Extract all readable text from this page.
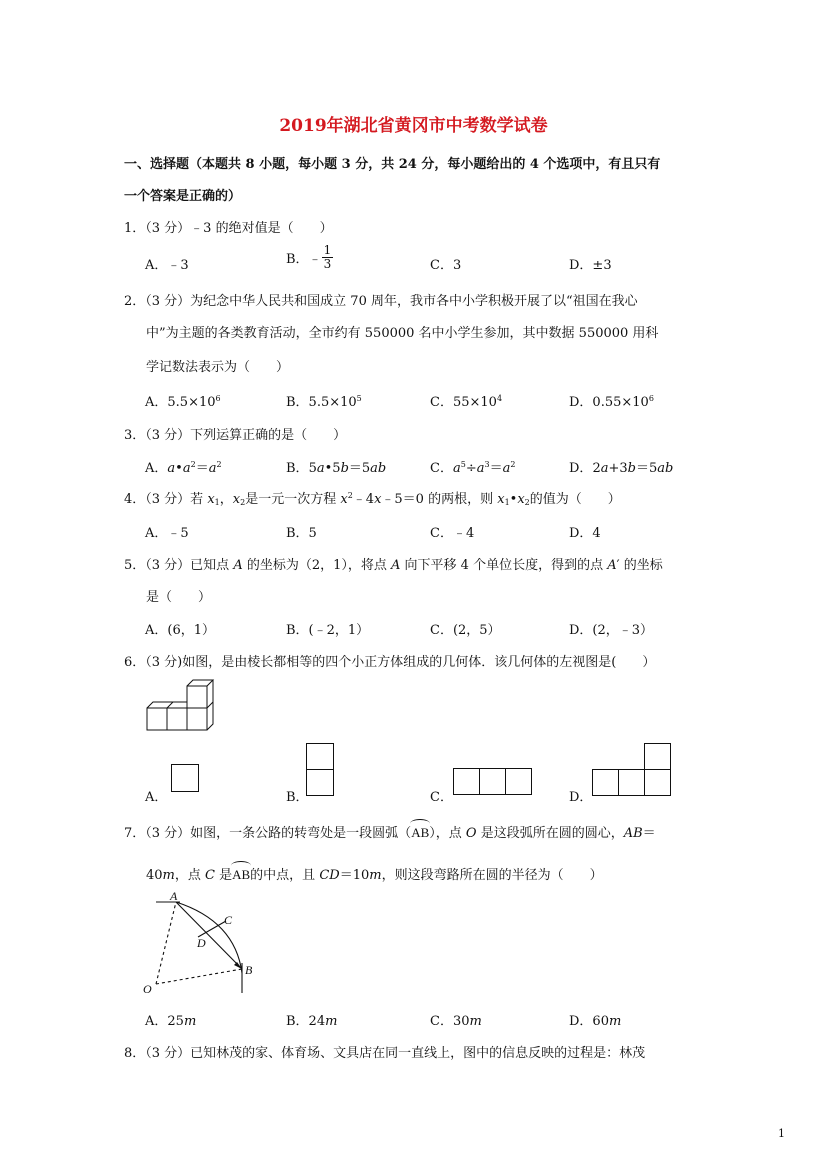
2019年湖北省黄冈市中考数学试卷
一、选择题（本题共 8 小题，每小题 3 分，共 24 分，每小题给出的 4 个选项中，有且只有
一个答案是正确的）
1．（3 分）﹣3 的绝对值是（　　）
A．﹣3	B．﹣ $\frac{1}{3}$	C．3	D．±3
2．（3 分）为纪念中华人民共和国成立 70 周年，我市各中小学积极开展了以“祖国在我心
中”为主题的各类教育活动，全市约有 550000 名中小学生参加，其中数据 550000 用科
学记数法表示为（　　）
A．$5.5\times 10^6$	B．$5.5\times 10^5$	C．$55\times 10^4$	D．$0.55\times 10^6$
3．（3 分）下列运算正确的是（　　）
A．$a•a^2=a^2$	B．5a•5b＝5ab	C．$a^5\div a^3=a^2$	D．2a+3b＝5ab
4．（3 分）若 $x_1$，$x_2$是一元一次方程 $x^2﹣4x﹣5=0$ 的两根，则 $x_1•x_2$的值为（　　）
A．﹣5	B．5	C．﹣4	D．4
5．（3 分）已知点 A 的坐标为（2，1），将点 A 向下平移 4 个单位长度，得到的点 A′ 的坐标
是（　　）
A．(6，1）	B．(﹣2，1）	C．(2，5）	D．(2，﹣3）
6．（3 分)如图，是由棱长都相等的四个小正方体组成的几何体．该几何体的左视图是(　　）
A．	B．	C．	D．
7．（3 分）如图，一条公路的转弯处是一段圆弧（AB），点 O 是这段弧所在圆的圆心，AB＝
40m，点 C 是AB的中点，且 CD＝10m，则这段弯路所在圆的半径为（　　）
A
C
D
B
O
A．25m	B．24m	C．30m	D．60m
8．（3 分）已知林茂的家、体育场、文具店在同一直线上，图中的信息反映的过程是：林茂
1
